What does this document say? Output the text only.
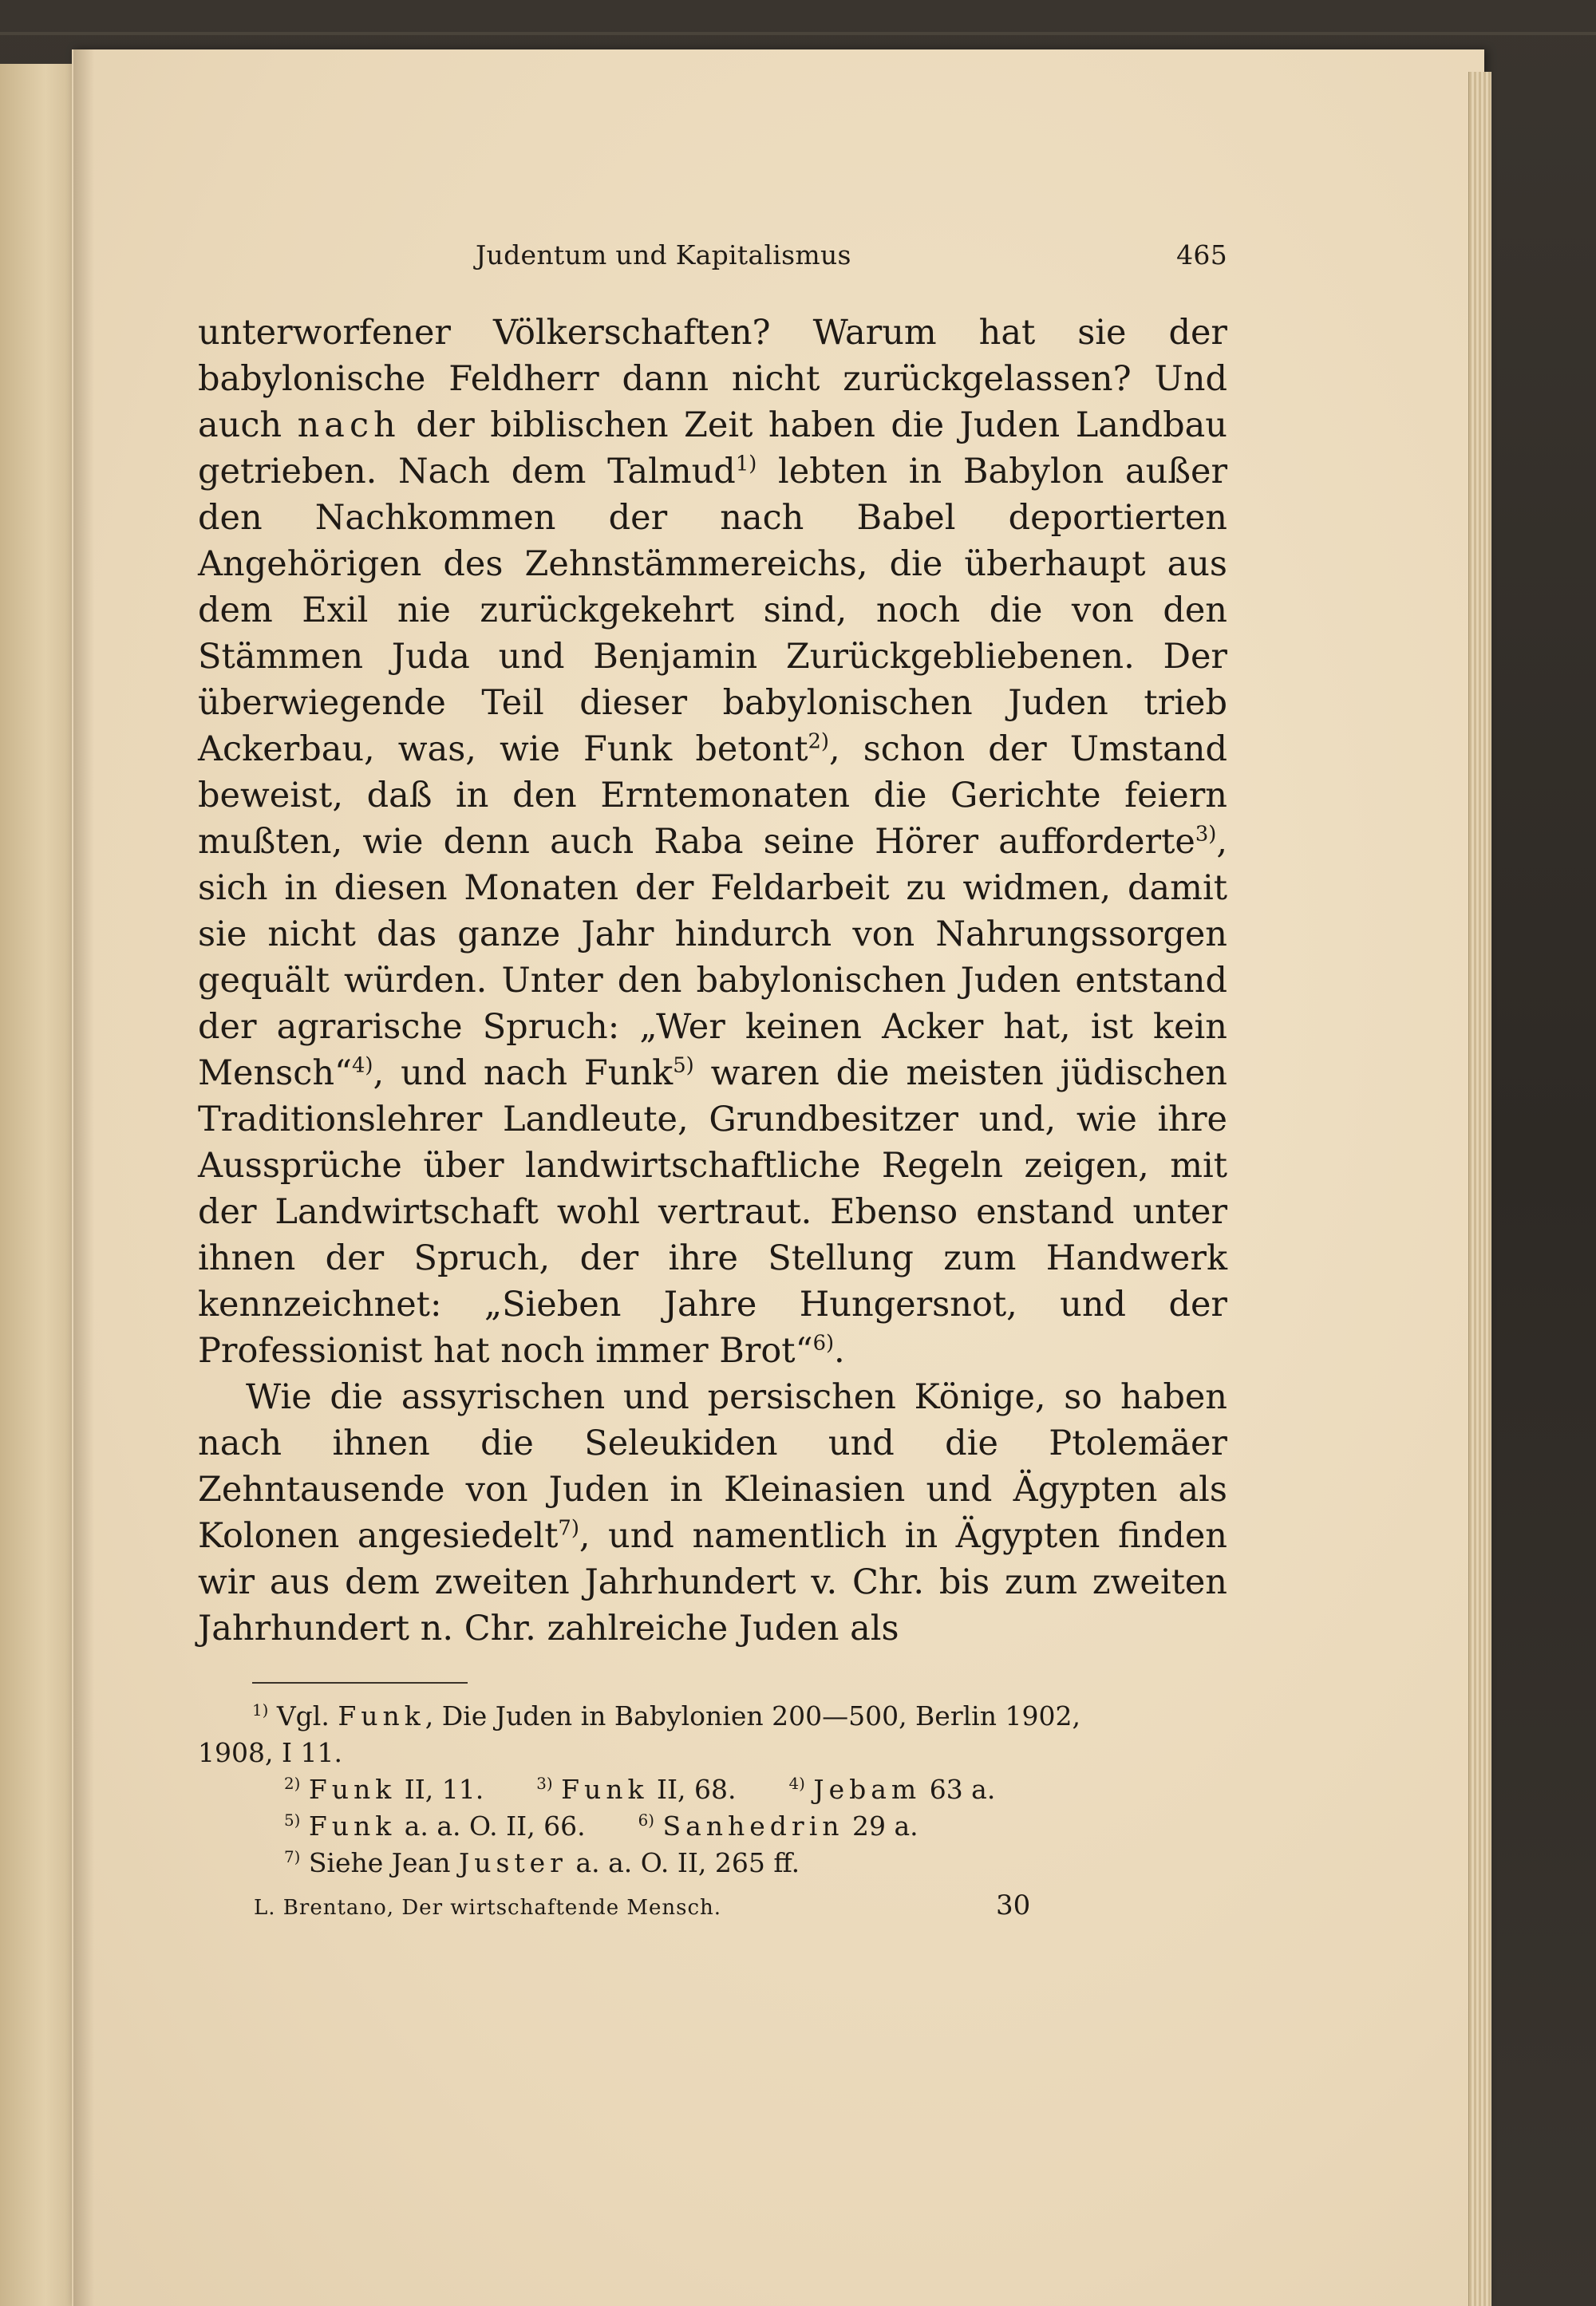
Judentum und Kapitalismus	465

unterworfener Völkerschaften? Warum hat sie der babylonische Feldherr dann nicht zurückgelassen? Und auch nach der biblischen Zeit haben die Juden Landbau getrieben. Nach dem Talmud$^{1)}$ lebten in Babylon außer den Nachkommen der nach Babel deportierten Angehörigen des Zehnstämmereichs, die überhaupt aus dem Exil nie zurückgekehrt sind, noch die von den Stämmen Juda und Benjamin Zurückgebliebenen. Der überwiegende Teil dieser babylonischen Juden trieb Ackerbau, was, wie Funk betont$^{2)}$, schon der Umstand beweist, daß in den Erntemonaten die Gerichte feiern mußten, wie denn auch Raba seine Hörer aufforderte$^{3)}$, sich in diesen Monaten der Feldarbeit zu widmen, damit sie nicht das ganze Jahr hindurch von Nahrungssorgen gequält würden. Unter den babylonischen Juden entstand der agrarische Spruch: „Wer keinen Acker hat, ist kein Mensch“$^{4)}$, und nach Funk$^{5)}$ waren die meisten jüdischen Traditionslehrer Landleute, Grundbesitzer und, wie ihre Aussprüche über landwirtschaftliche Regeln zeigen, mit der Landwirtschaft wohl vertraut. Ebenso enstand unter ihnen der Spruch, der ihre Stellung zum Handwerk kennzeichnet: „Sieben Jahre Hungersnot, und der Professionist hat noch immer Brot“$^{6)}$.

Wie die assyrischen und persischen Könige, so haben nach ihnen die Seleukiden und die Ptolemäer Zehntausende von Juden in Kleinasien und Ägypten als Kolonen angesiedelt$^{7)}$, und namentlich in Ägypten finden wir aus dem zweiten Jahrhundert v. Chr. bis zum zweiten Jahrhundert n. Chr. zahlreiche Juden als

$^{1)}$ Vgl. Funk, Die Juden in Babylonien 200—500, Berlin 1902,
1908, I 11.
$^{2)}$ Funk II, 11.	$^{3)}$ Funk II, 68.	$^{4)}$ Jebam 63 a.
$^{5)}$ Funk a. a. O. II, 66.	$^{6)}$ Sanhedrin 29 a.
$^{7)}$ Siehe Jean Juster a. a. O. II, 265 ff.
L. Brentano, Der wirtschaftende Mensch.	30
